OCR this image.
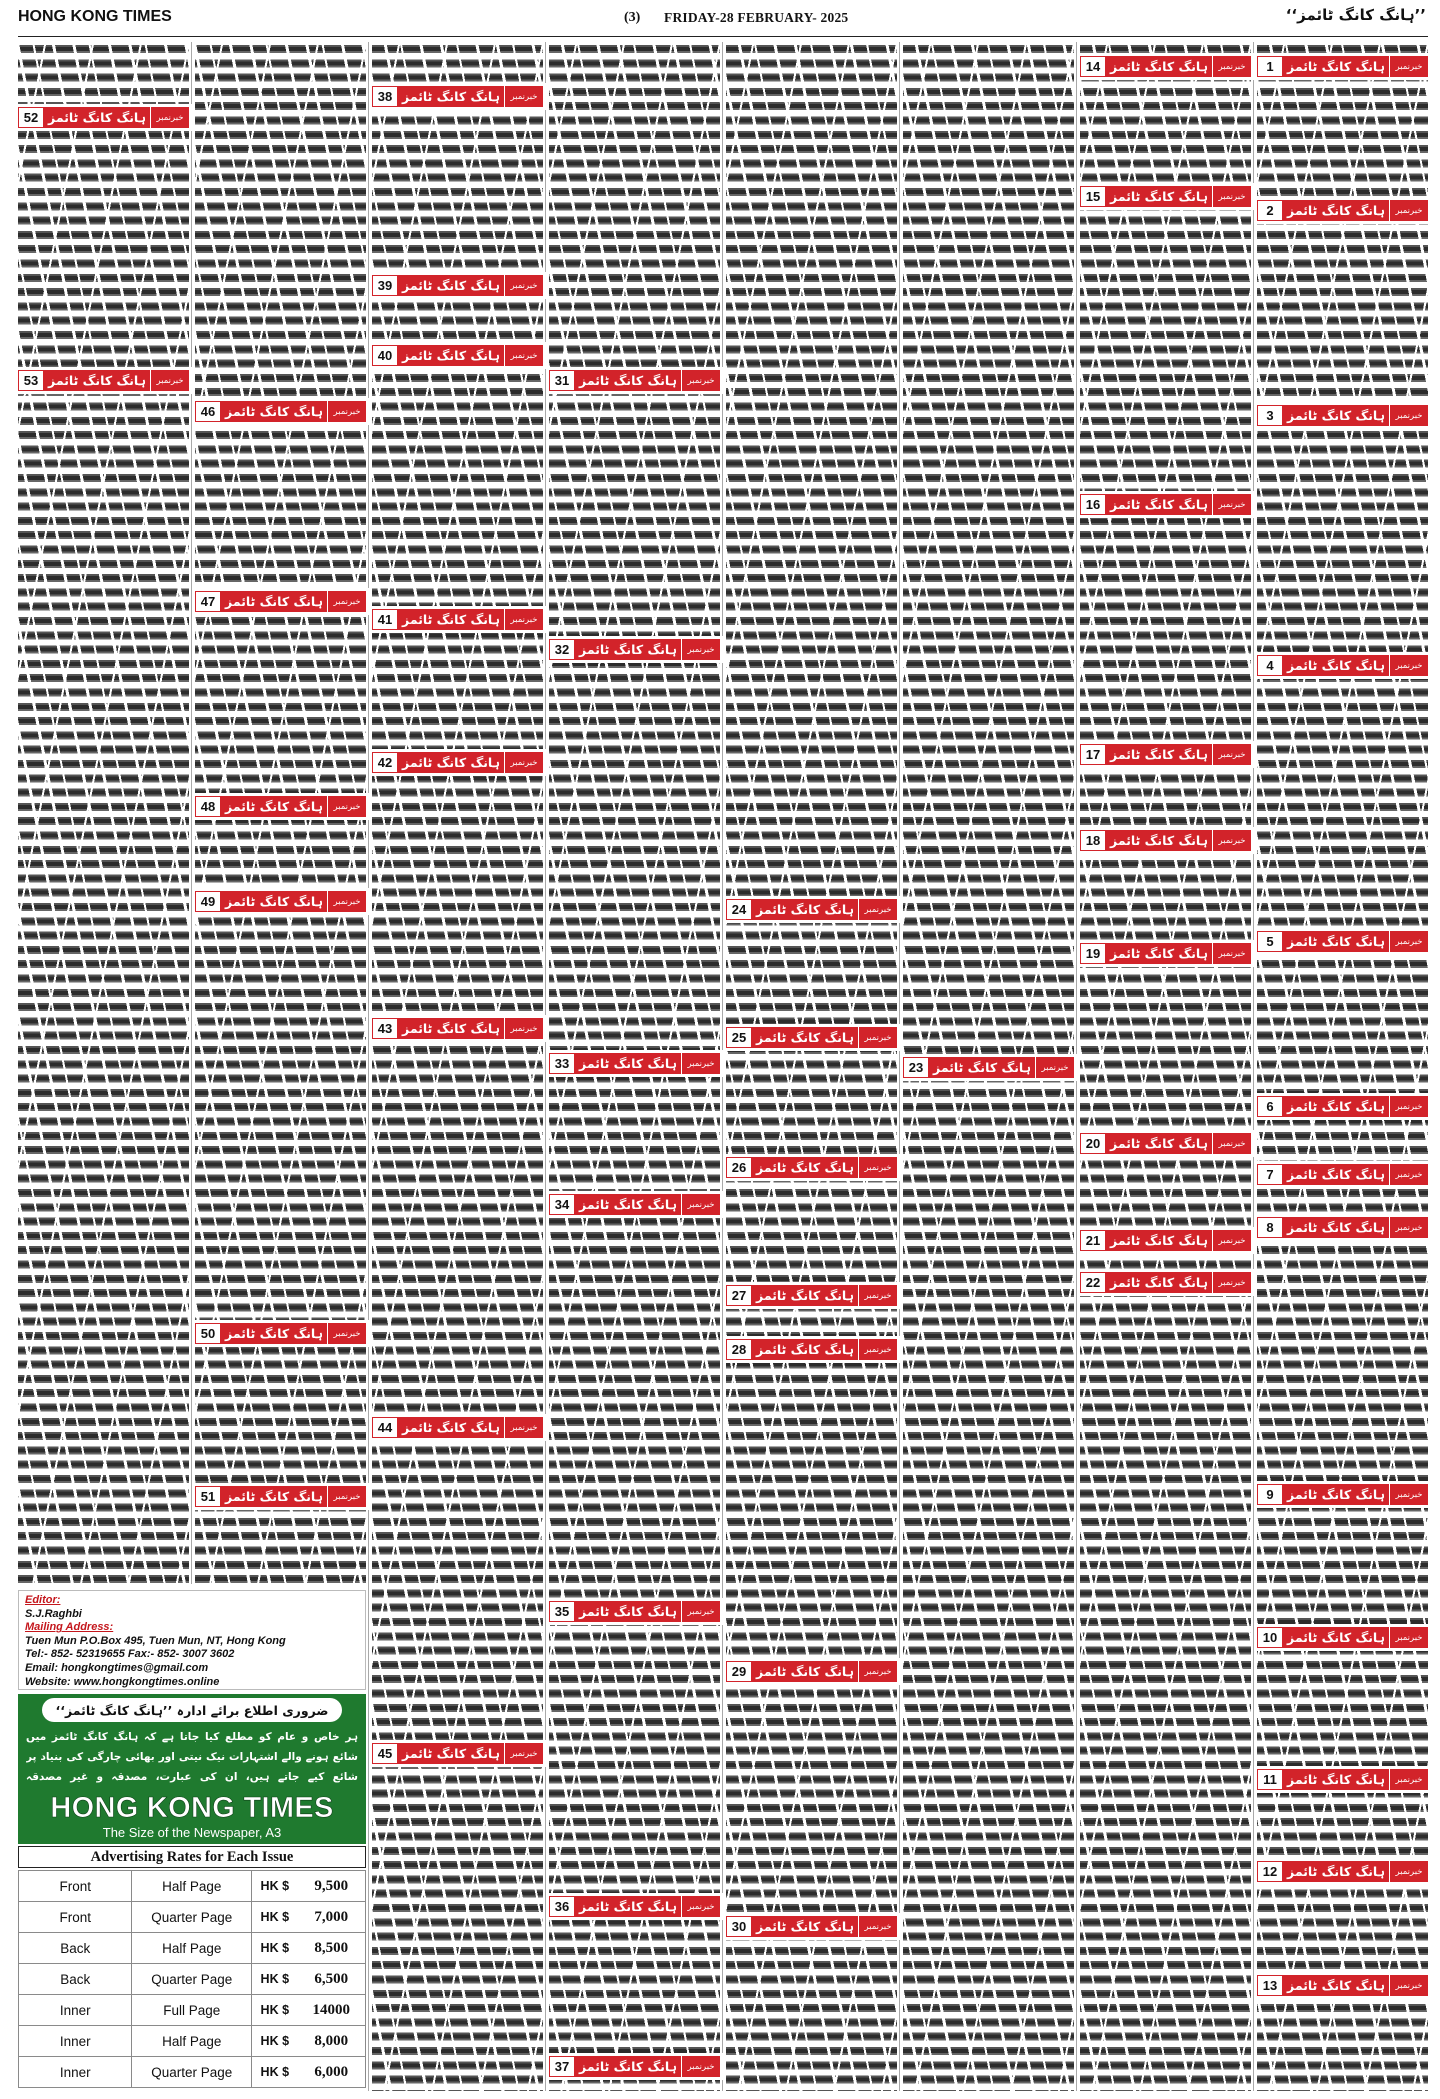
HONG KONG TIMES	(3) FRIDAY-28 FEBRUARY- 2025	’’ہانگ کانگ ٹائمز‘‘
1	ہانگ کانگ ٹائمز	خبرنمبر
2	ہانگ کانگ ٹائمز	خبرنمبر
3	ہانگ کانگ ٹائمز	خبرنمبر
4	ہانگ کانگ ٹائمز	خبرنمبر
5	ہانگ کانگ ٹائمز	خبرنمبر
6	ہانگ کانگ ٹائمز	خبرنمبر
7	ہانگ کانگ ٹائمز	خبرنمبر
8	ہانگ کانگ ٹائمز	خبرنمبر
9	ہانگ کانگ ٹائمز	خبرنمبر
10 ہانگ کانگ ٹائمز	خبرنمبر
11 ہانگ کانگ ٹائمز	خبرنمبر
12 ہانگ کانگ ٹائمز	خبرنمبر
13 ہانگ کانگ ٹائمز	خبرنمبر
14 ہانگ کانگ ٹائمز	خبرنمبر
15 ہانگ کانگ ٹائمز	خبرنمبر
16 ہانگ کانگ ٹائمز	خبرنمبر
17 ہانگ کانگ ٹائمز	خبرنمبر
18 ہانگ کانگ ٹائمز	خبرنمبر
19 ہانگ کانگ ٹائمز	خبرنمبر
20 ہانگ کانگ ٹائمز	خبرنمبر
21 ہانگ کانگ ٹائمز	خبرنمبر
22 ہانگ کانگ ٹائمز	خبرنمبر
23 ہانگ کانگ ٹائمز	خبرنمبر
24 ہانگ کانگ ٹائمز	خبرنمبر
25 ہانگ کانگ ٹائمز	خبرنمبر
26 ہانگ کانگ ٹائمز	خبرنمبر
27 ہانگ کانگ ٹائمز	خبرنمبر
28 ہانگ کانگ ٹائمز	خبرنمبر
29 ہانگ کانگ ٹائمز	خبرنمبر
30 ہانگ کانگ ٹائمز	خبرنمبر
31 ہانگ کانگ ٹائمز	خبرنمبر
32 ہانگ کانگ ٹائمز	خبرنمبر
33 ہانگ کانگ ٹائمز	خبرنمبر
34 ہانگ کانگ ٹائمز	خبرنمبر
35 ہانگ کانگ ٹائمز	خبرنمبر
36 ہانگ کانگ ٹائمز	خبرنمبر
37 ہانگ کانگ ٹائمز	خبرنمبر
38 ہانگ کانگ ٹائمز	خبرنمبر
39 ہانگ کانگ ٹائمز	خبرنمبر
40 ہانگ کانگ ٹائمز	خبرنمبر
41 ہانگ کانگ ٹائمز	خبرنمبر
42 ہانگ کانگ ٹائمز	خبرنمبر
43 ہانگ کانگ ٹائمز	خبرنمبر
44 ہانگ کانگ ٹائمز	خبرنمبر
45 ہانگ کانگ ٹائمز	خبرنمبر
46 ہانگ کانگ ٹائمز	خبرنمبر
47 ہانگ کانگ ٹائمز	خبرنمبر
48 ہانگ کانگ ٹائمز	خبرنمبر
49 ہانگ کانگ ٹائمز	خبرنمبر
50 ہانگ کانگ ٹائمز	خبرنمبر
51 ہانگ کانگ ٹائمز	خبرنمبر
52 ہانگ کانگ ٹائمز	خبرنمبر
53 ہانگ کانگ ٹائمز	خبرنمبر
Editor:
S.J.Raghbi
Mailing Address:
Tuen Mun P.O.Box 495, Tuen Mun, NT, Hong Kong
Tel:- 852- 52319655 Fax:- 852- 3007 3602
Email: hongkongtimes@gmail.com
Website: www.hongkongtimes.online
ضروری اطلاع برائے ادارہ ’’ہانگ کانگ ٹائمز‘‘
ہر خاص و عام کو مطلع کیا جاتا ہے کہ ہانگ کانگ ٹائمز میں شائع ہونے والے اشتہارات نیک نیتی اور بھائی چارگی کی بنیاد پر شائع کیے جاتے ہیں، ان کی عبارت، مصدقہ و غیر مصدقہ
HONG KONG TIMES
The Size of the Newspaper, A3
Advertising Rates for Each Issue
Front	Half Page	HK $	9,500
Front	Quarter Page	HK $	7,000
Back	Half Page	HK $	8,500
Back	Quarter Page	HK $	6,500
Inner	Full Page	HK $	14000
Inner	Half Page	HK $	8,000
Inner	Quarter Page	HK $	6,000
